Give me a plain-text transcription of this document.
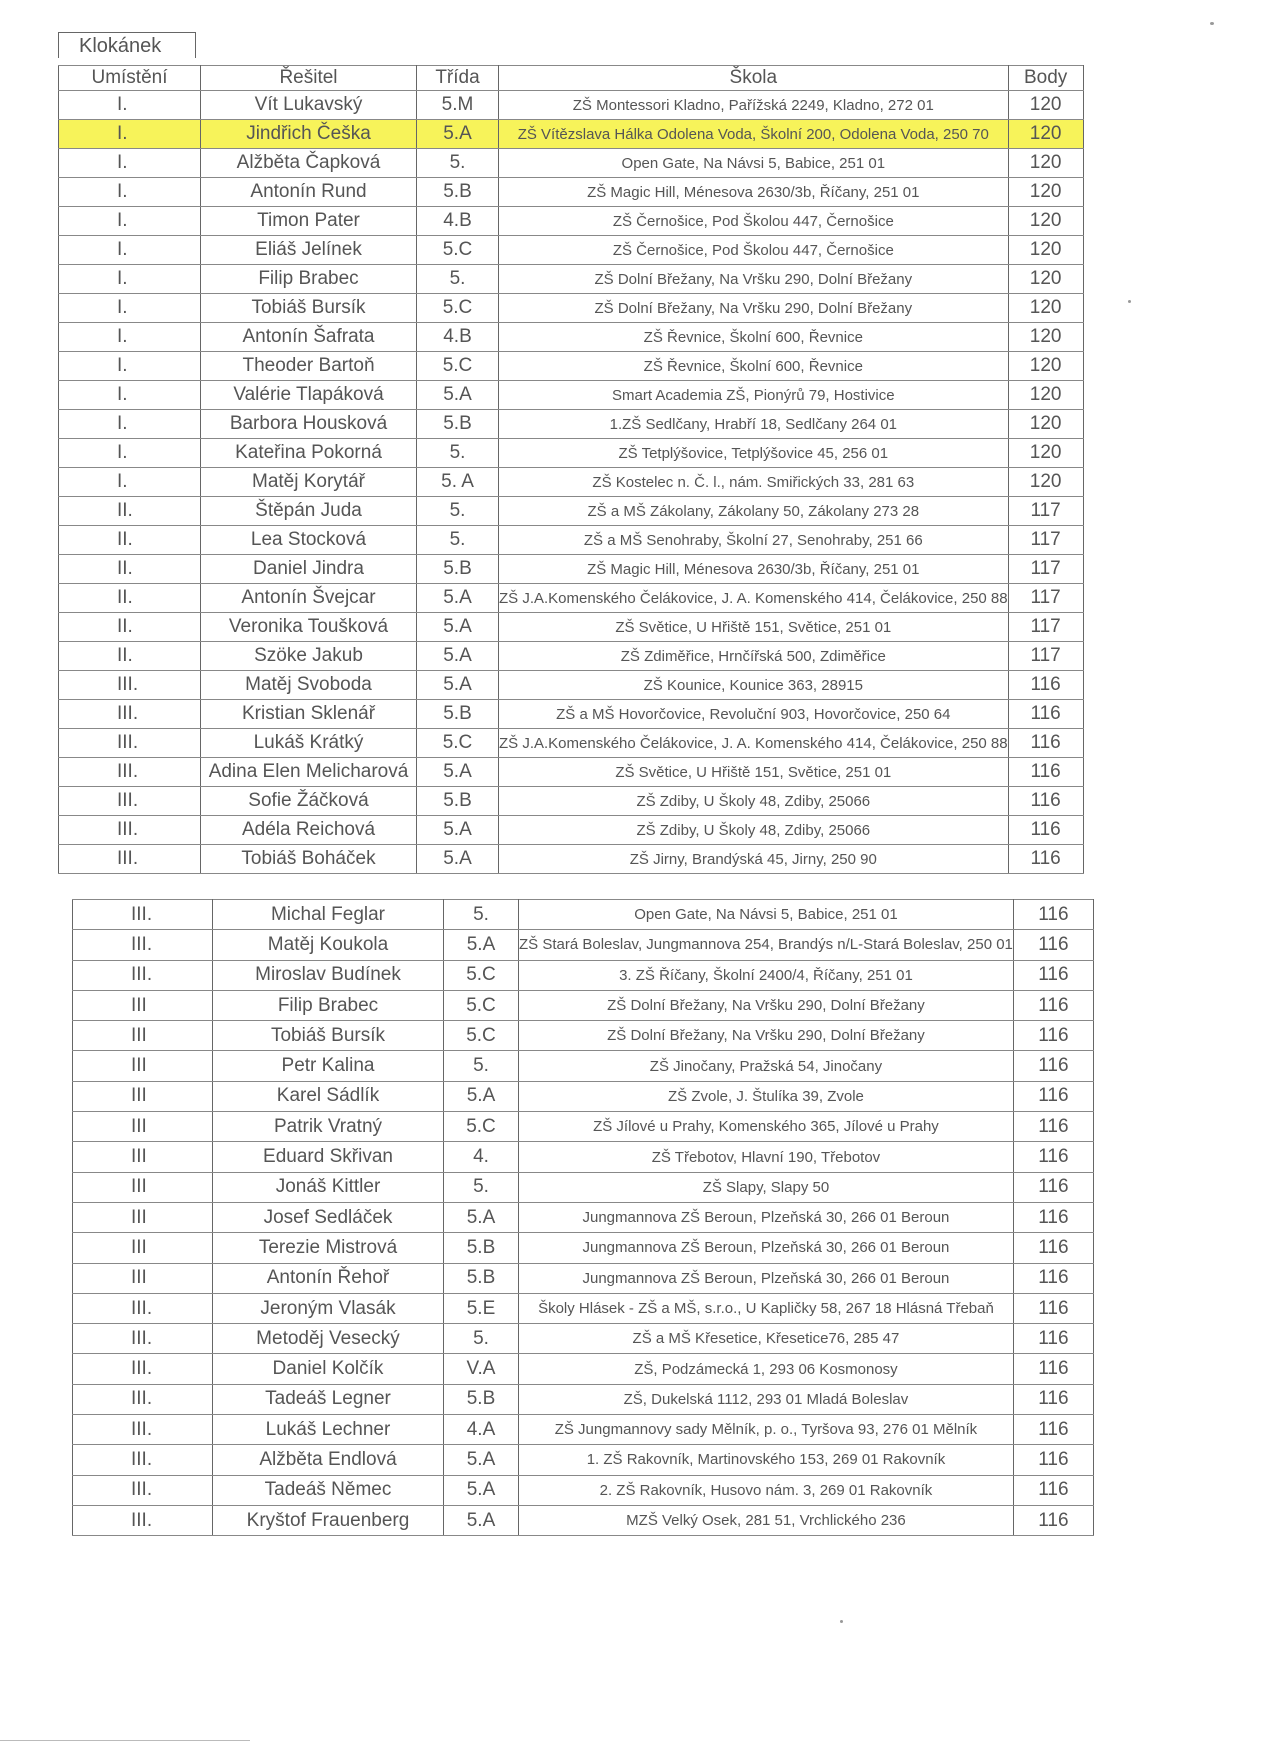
Klokánek
Umístění	Řešitel	Třída	Škola	Body
I.	Vít Lukavský	5.M	ZŠ Montessori Kladno, Pařížská 2249, Kladno, 272 01	120
I.	Jindřich Češka	5.A	ZŠ Vítězslava Hálka Odolena Voda, Školní 200, Odolena Voda, 250 70	120
I.	Alžběta Čapková	5.	Open Gate, Na Návsi 5, Babice, 251 01	120
I.	Antonín Rund	5.B	ZŠ Magic Hill, Ménesova 2630/3b, Říčany, 251 01	120
I.	Timon Pater	4.B	ZŠ Černošice, Pod Školou 447, Černošice	120
I.	Eliáš Jelínek	5.C	ZŠ Černošice, Pod Školou 447, Černošice	120
I.	Filip Brabec	5.	ZŠ Dolní Břežany, Na Vršku 290, Dolní Břežany	120
I.	Tobiáš Bursík	5.C	ZŠ Dolní Břežany, Na Vršku 290, Dolní Břežany	120
I.	Antonín Šafrata	4.B	ZŠ Řevnice, Školní 600, Řevnice	120
I.	Theoder Bartoň	5.C	ZŠ Řevnice, Školní 600, Řevnice	120
I.	Valérie Tlapáková	5.A	Smart Academia ZŠ, Pionýrů 79, Hostivice	120
I.	Barbora Housková	5.B	1.ZŠ Sedlčany, Hrabří 18, Sedlčany 264 01	120
I.	Kateřina Pokorná	5.	ZŠ Tetplýšovice, Tetplýšovice 45, 256 01	120
I.	Matěj Korytář	5. A	ZŠ Kostelec n. Č. l., nám. Smiřických 33, 281 63	120
II.	Štěpán Juda	5.	ZŠ a MŠ Zákolany, Zákolany 50, Zákolany 273 28	117
II.	Lea Stocková	5.	ZŠ a MŠ Senohraby, Školní 27, Senohraby, 251 66	117
II.	Daniel Jindra	5.B	ZŠ Magic Hill, Ménesova 2630/3b, Říčany, 251 01	117
II.	Antonín Švejcar	5.A	ZŠ J.A.Komenského Čelákovice, J. A. Komenského 414, Čelákovice, 250 88	117
II.	Veronika Toušková	5.A	ZŠ Světice, U Hřiště 151, Světice, 251 01	117
II.	Szöke Jakub	5.A	ZŠ Zdiměřice, Hrnčířská 500, Zdiměřice	117
III.	Matěj Svoboda	5.A	ZŠ Kounice, Kounice 363, 28915	116
III.	Kristian Sklenář	5.B	ZŠ a MŠ Hovorčovice, Revoluční 903, Hovorčovice, 250 64	116
III.	Lukáš Krátký	5.C	ZŠ J.A.Komenského Čelákovice, J. A. Komenského 414, Čelákovice, 250 88	116
III.	Adina Elen Melicharová	5.A	ZŠ Světice, U Hřiště 151, Světice, 251 01	116
III.	Sofie Žáčková	5.B	ZŠ Zdiby, U Školy 48, Zdiby, 25066	116
III.	Adéla Reichová	5.A	ZŠ Zdiby, U Školy 48, Zdiby, 25066	116
III.	Tobiáš Boháček	5.A	ZŠ Jirny, Brandýská 45, Jirny, 250 90	116
III.	Michal Feglar	5.	Open Gate, Na Návsi 5, Babice, 251 01	116
III.	Matěj Koukola	5.A	ZŠ Stará Boleslav, Jungmannova 254, Brandýs n/L-Stará Boleslav, 250 01	116
III.	Miroslav Budínek	5.C	3. ZŠ Říčany, Školní 2400/4, Říčany, 251 01	116
III	Filip Brabec	5.C	ZŠ Dolní Břežany, Na Vršku 290, Dolní Břežany	116
III	Tobiáš Bursík	5.C	ZŠ Dolní Břežany, Na Vršku 290, Dolní Břežany	116
III	Petr Kalina	5.	ZŠ Jinočany, Pražská 54, Jinočany	116
III	Karel Sádlík	5.A	ZŠ Zvole, J. Štulíka 39, Zvole	116
III	Patrik Vratný	5.C	ZŠ Jílové u Prahy, Komenského 365, Jílové u Prahy	116
III	Eduard Skřivan	4.	ZŠ Třebotov, Hlavní 190, Třebotov	116
III	Jonáš Kittler	5.	ZŠ Slapy, Slapy 50	116
III	Josef Sedláček	5.A	Jungmannova ZŠ Beroun, Plzeňská 30, 266 01 Beroun	116
III	Terezie Mistrová	5.B	Jungmannova ZŠ Beroun, Plzeňská 30, 266 01 Beroun	116
III	Antonín Řehoř	5.B	Jungmannova ZŠ Beroun, Plzeňská 30, 266 01 Beroun	116
III.	Jeroným Vlasák	5.E	Školy Hlásek - ZŠ a MŠ, s.r.o., U Kapličky 58, 267 18 Hlásná Třebaň	116
III.	Metoděj Vesecký	5.	ZŠ a MŠ Křesetice, Křesetice76, 285 47	116
III.	Daniel Kolčík	V.A	ZŠ, Podzámecká 1, 293 06 Kosmonosy	116
III.	Tadeáš Legner	5.B	ZŠ, Dukelská 1112, 293 01 Mladá Boleslav	116
III.	Lukáš Lechner	4.A	ZŠ Jungmannovy sady Mělník, p. o., Tyršova 93, 276 01 Mělník	116
III.	Alžběta Endlová	5.A	1. ZŠ Rakovník, Martinovského 153, 269 01 Rakovník	116
III.	Tadeáš Němec	5.A	2. ZŠ Rakovník, Husovo nám. 3, 269 01 Rakovník	116
III.	Kryštof Frauenberg	5.A	MZŠ Velký Osek, 281 51, Vrchlického 236	116
